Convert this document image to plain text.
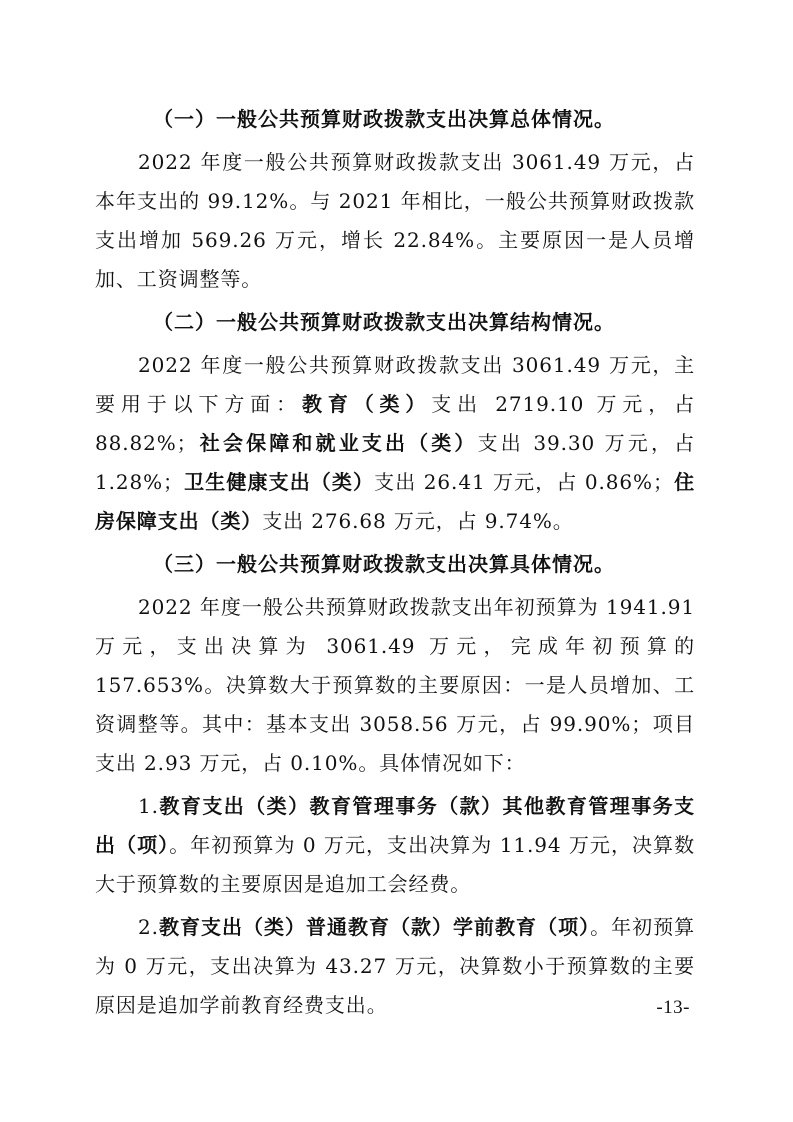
（一）一般公共预算财政拨款支出决算总体情况。

2022 年度一般公共预算财政拨款支出 3061.49 万元，占本年支出的 99.12%。与 2021 年相比，一般公共预算财政拨款支出增加 569.26 万元，增长 22.84%。主要原因一是人员增加、工资调整等。

（二）一般公共预算财政拨款支出决算结构情况。

2022 年度一般公共预算财政拨款支出 3061.49 万元，主要用于以下方面：教育（类）支出 2719.10 万元，占 88.82%；社会保障和就业支出（类）支出 39.30 万元，占 1.28%；卫生健康支出（类）支出 26.41 万元，占 0.86%；住房保障支出（类）支出 276.68 万元，占 9.74%。

（三）一般公共预算财政拨款支出决算具体情况。

2022 年度一般公共预算财政拨款支出年初预算为 1941.91 万元，支出决算为 3061.49 万元，完成年初预算的 157.653%。决算数大于预算数的主要原因：一是人员增加、工资调整等。其中：基本支出 3058.56 万元，占 99.90%；项目支出 2.93 万元，占 0.10%。具体情况如下：

1.教育支出（类）教育管理事务（款）其他教育管理事务支出（项）。年初预算为 0 万元，支出决算为 11.94 万元，决算数大于预算数的主要原因是追加工会经费。

2.教育支出（类）普通教育（款）学前教育（项）。年初预算为 0 万元，支出决算为 43.27 万元，决算数小于预算数的主要原因是追加学前教育经费支出。	-13-
